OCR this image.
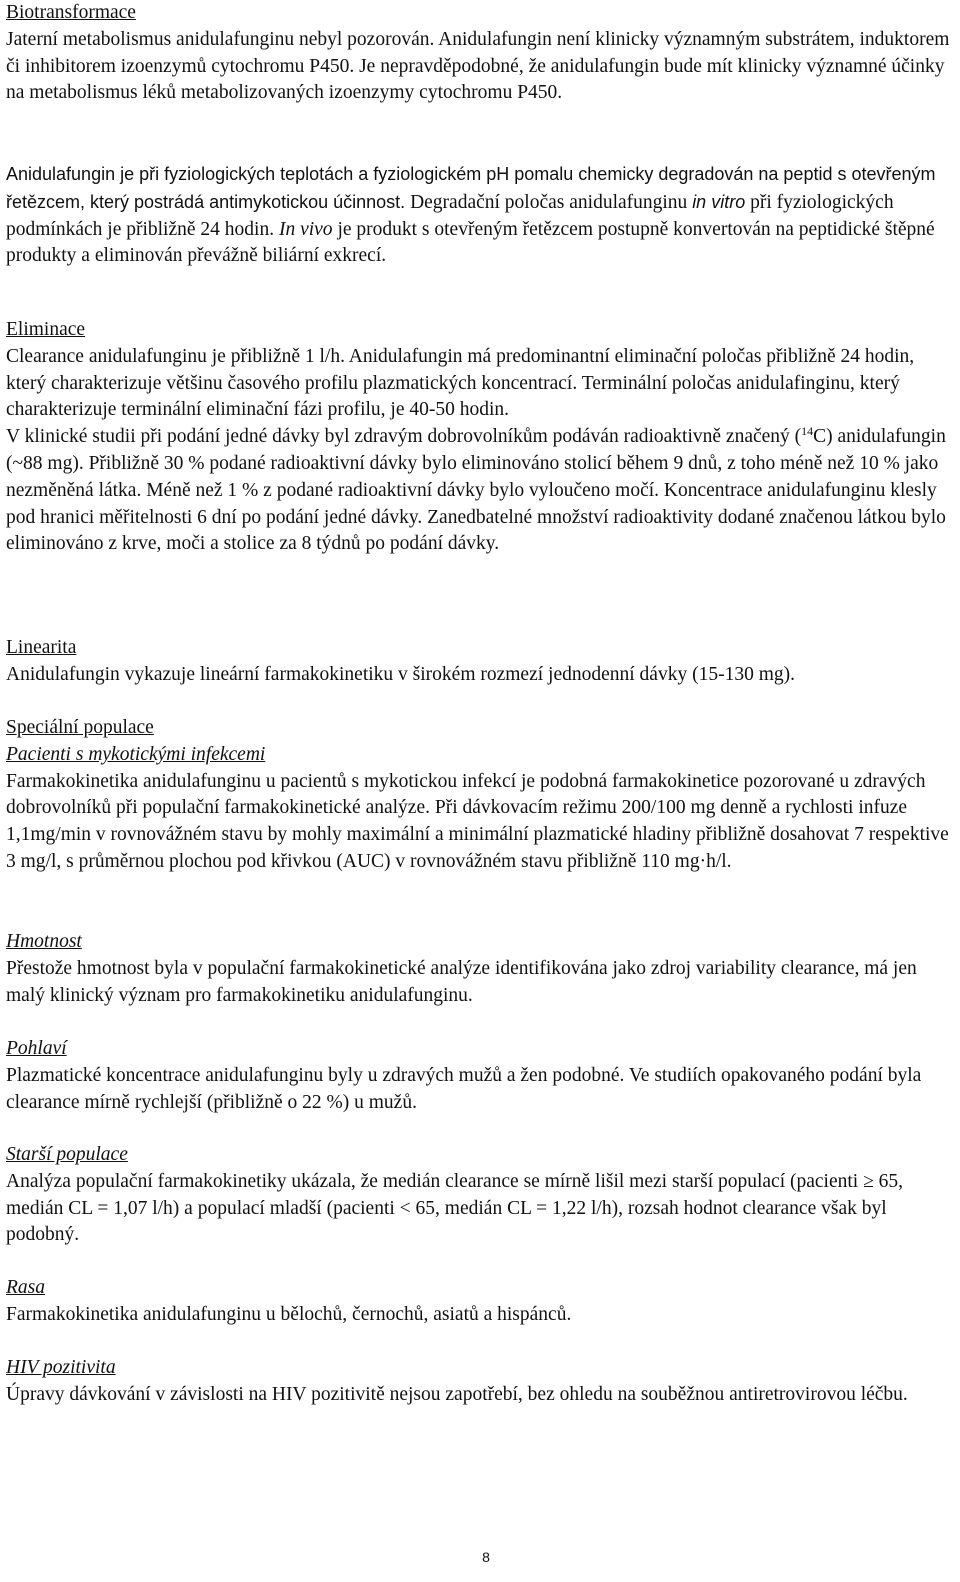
Biotransformace
Jaterní metabolismus anidulafunginu nebyl pozorován. Anidulafungin není klinicky významným substrátem, induktorem či inhibitorem izoenzymů cytochromu P450. Je nepravděpodobné, že anidulafungin bude mít klinicky významné účinky na metabolismus léků metabolizovaných izoenzymy cytochromu P450.
Anidulafungin je při fyziologických teplotách a fyziologickém pH pomalu chemicky degradován na peptid s otevřeným řetězcem, který postrádá antimykotickou účinnost. Degradační poločas anidulafunginu in vitro při fyziologických podmínkách je přibližně 24 hodin. In vivo je produkt s otevřeným řetězcem postupně konvertován na peptidické štěpné produkty a eliminován převážně biliární exkrecí.
Eliminace
Clearance anidulafunginu je přibližně 1 l/h. Anidulafungin má predominantní eliminační poločas přibližně 24 hodin, který charakterizuje většinu časového profilu plazmatických koncentrací. Terminální poločas anidulafinginu, který charakterizuje terminální eliminační fázi profilu, je 40-50 hodin.
V klinické studii při podání jedné dávky byl zdravým dobrovolníkům podáván radioaktivně značený ($^{14}$C) anidulafungin (~88 mg). Přibližně 30 % podané radioaktivní dávky bylo eliminováno stolicí během 9 dnů, z toho méně než 10 % jako nezměněná látka. Méně než 1 % z podané radioaktivní dávky bylo vyloučeno močí. Koncentrace anidulafunginu klesly pod hranici měřitelnosti 6 dní po podání jedné dávky. Zanedbatelné množství radioaktivity dodané značenou látkou bylo eliminováno z krve, moči a stolice za 8 týdnů po podání dávky.
Linearita
Anidulafungin vykazuje lineární farmakokinetiku v širokém rozmezí jednodenní dávky (15-130 mg).
Speciální populace
Pacienti s mykotickými infekcemi
Farmakokinetika anidulafunginu u pacientů s mykotickou infekcí je podobná farmakokinetice pozorované u zdravých dobrovolníků při populační farmakokinetické analýze. Při dávkovacím režimu 200/100 mg denně a rychlosti infuze 1,1mg/min v rovnovážném stavu by mohly maximální a minimální plazmatické hladiny přibližně dosahovat 7 respektive 3 mg/l, s průměrnou plochou pod křivkou (AUC) v rovnovážném stavu přibližně 110 mg·h/l.
Hmotnost
Přestože hmotnost byla v populační farmakokinetické analýze identifikována jako zdroj variability clearance, má jen malý klinický význam pro farmakokinetiku anidulafunginu.
Pohlaví
Plazmatické koncentrace anidulafunginu byly u zdravých mužů a žen podobné. Ve studiích opakovaného podání byla clearance mírně rychlejší (přibližně o 22 %) u mužů.
Starší populace
Analýza populační farmakokinetiky ukázala, že medián clearance se mírně lišil mezi starší populací (pacienti ≥ 65, medián CL = 1,07 l/h) a populací mladší (pacienti < 65, medián CL = 1,22 l/h), rozsah hodnot clearance však byl podobný.
Rasa
Farmakokinetika anidulafunginu u bělochů, černochů, asiatů a hispánců.
HIV pozitivita
Úpravy dávkování v závislosti na HIV pozitivitě nejsou zapotřebí, bez ohledu na souběžnou antiretrovirovou léčbu.
8
